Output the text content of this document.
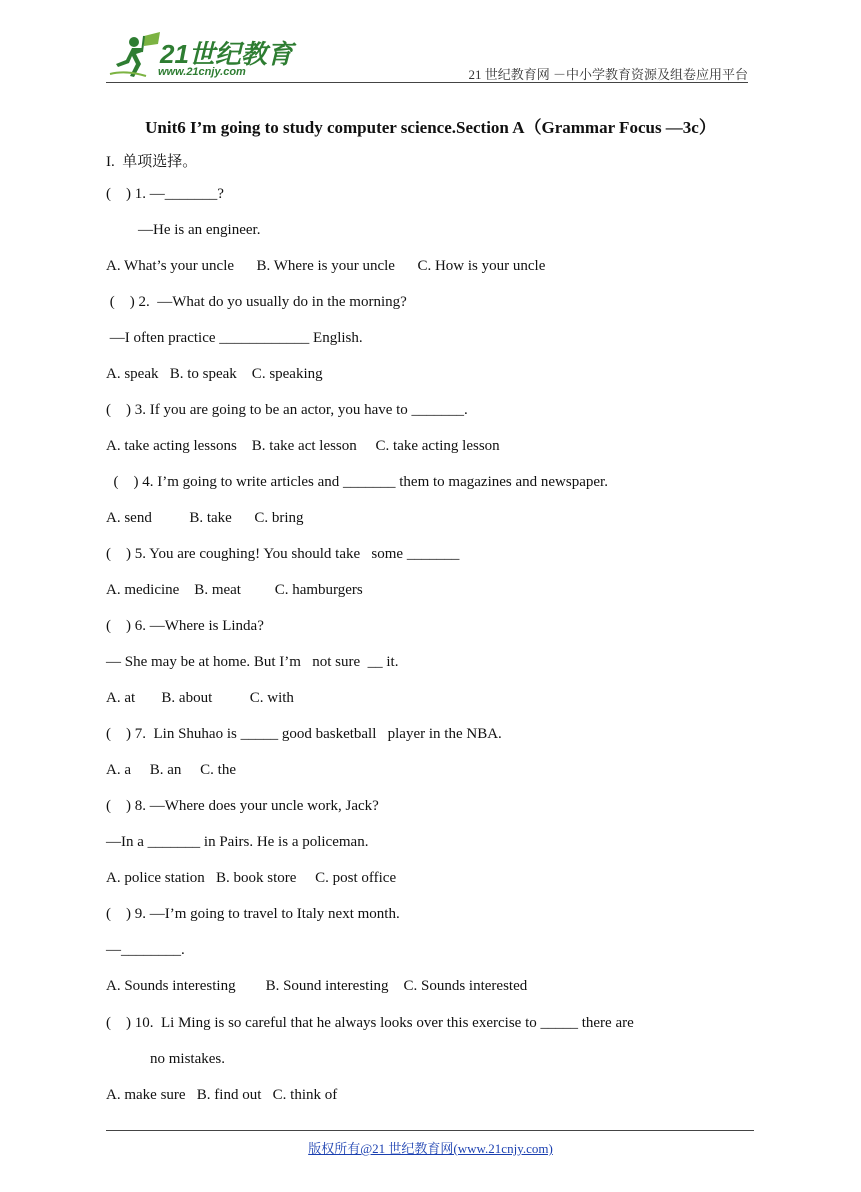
21世纪教育
www.21cnjy.com	21 世纪教育网 －中小学教育资源及组卷应用平台
Unit6 I’m going to study computer science.Section A（Grammar Focus —3c）
I.  单项选择。
(    ) 1. —_______?
—He is an engineer.
A. What’s your uncle      B. Where is your uncle      C. How is your uncle
(    ) 2.  —What do yo usually do in the morning?
—I often practice ____________ English.
A. speak   B. to speak    C. speaking
(    ) 3. If you are going to be an actor, you have to _______.
A. take acting lessons    B. take act lesson     C. take acting lesson
(    ) 4. I’m going to write articles and _______ them to magazines and newspaper.
A. send          B. take      C. bring
(    ) 5. You are coughing! You should take   some _______
A. medicine    B. meat         C. hamburgers
(    ) 6. —Where is Linda?
— She may be at home. But I’m   not sure  __ it.
A. at       B. about          C. with
(    ) 7.  Lin Shuhao is _____ good basketball   player in the NBA.
A. a     B. an     C. the
(    ) 8. —Where does your uncle work, Jack?
—In a _______ in Pairs. He is a policeman.
A. police station   B. book store     C. post office
(    ) 9. —I’m going to travel to Italy next month.
—________.
A. Sounds interesting        B. Sound interesting    C. Sounds interested
(    ) 10.  Li Ming is so careful that he always looks over this exercise to _____ there are
no mistakes.
A. make sure   B. find out   C. think of
版权所有@21 世纪教育网(www.21cnjy.com)
